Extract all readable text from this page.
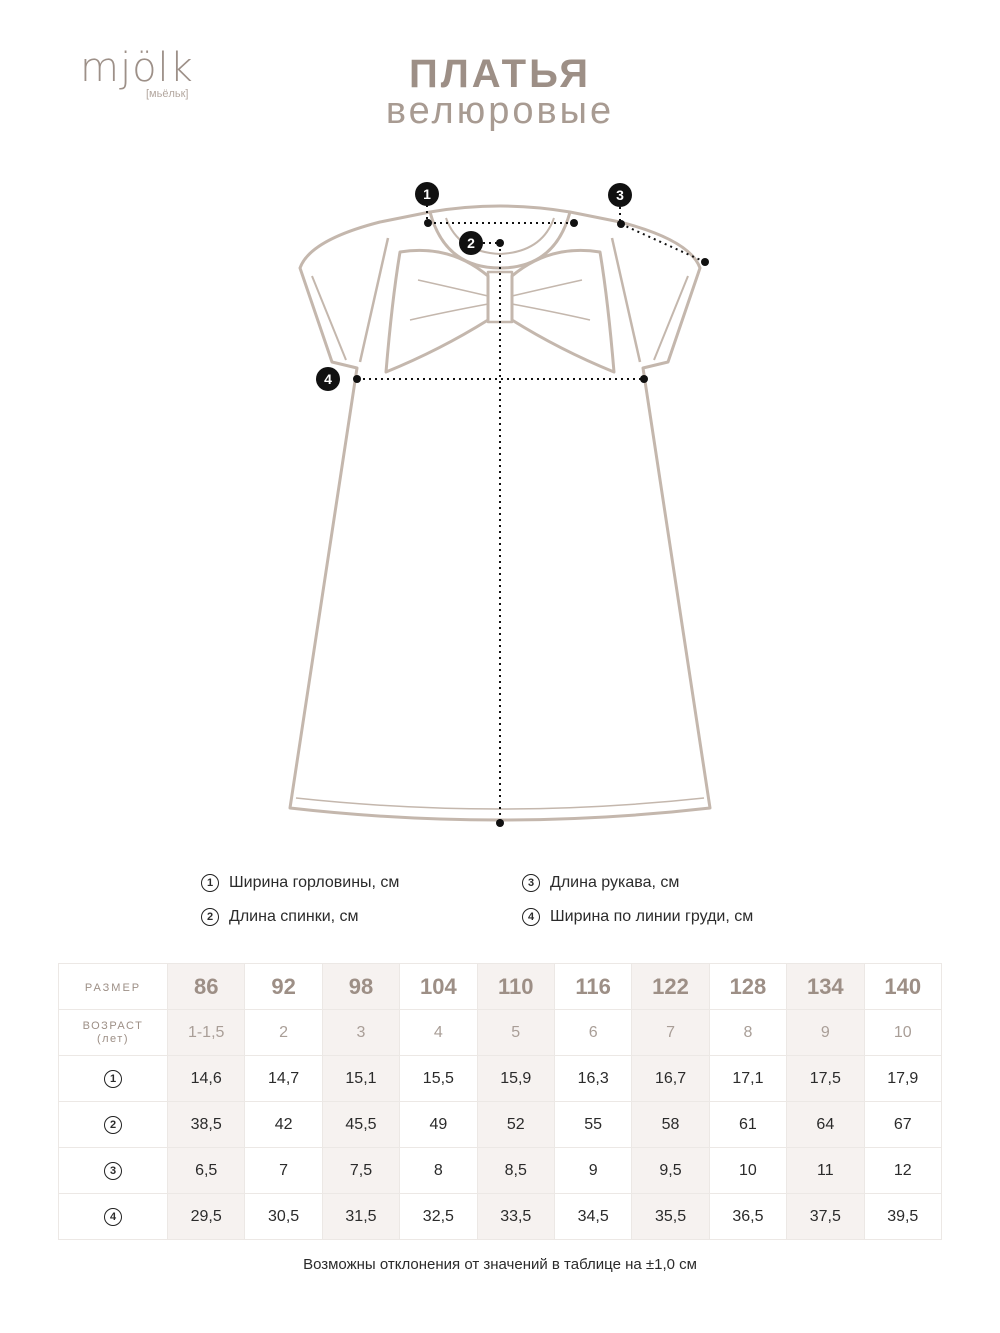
mjölk
[мьёльк]	ПЛАТЬЯ
велюровые
1
2
3
4
1 Ширина горловины, см
2 Длина спинки, см
3 Длина рукава, см
4 Ширина по линии груди, см
РАЗМЕР	86	92	98	104	110	116	122	128	134	140

ВОЗРАСТ
(лет)	1-1,5	2	3	4	5	6	7	8	9	10
1	14,6	14,7	15,1	15,5	15,9	16,3	16,7	17,1	17,5	17,9
2	38,5	42	45,5	49	52	55	58	61	64	67
3	6,5	7	7,5	8	8,5	9	9,5	10	11	12
4	29,5	30,5	31,5	32,5	33,5	34,5	35,5	36,5	37,5	39,5
Возможны отклонения от значений в таблице на ±1,0 см
